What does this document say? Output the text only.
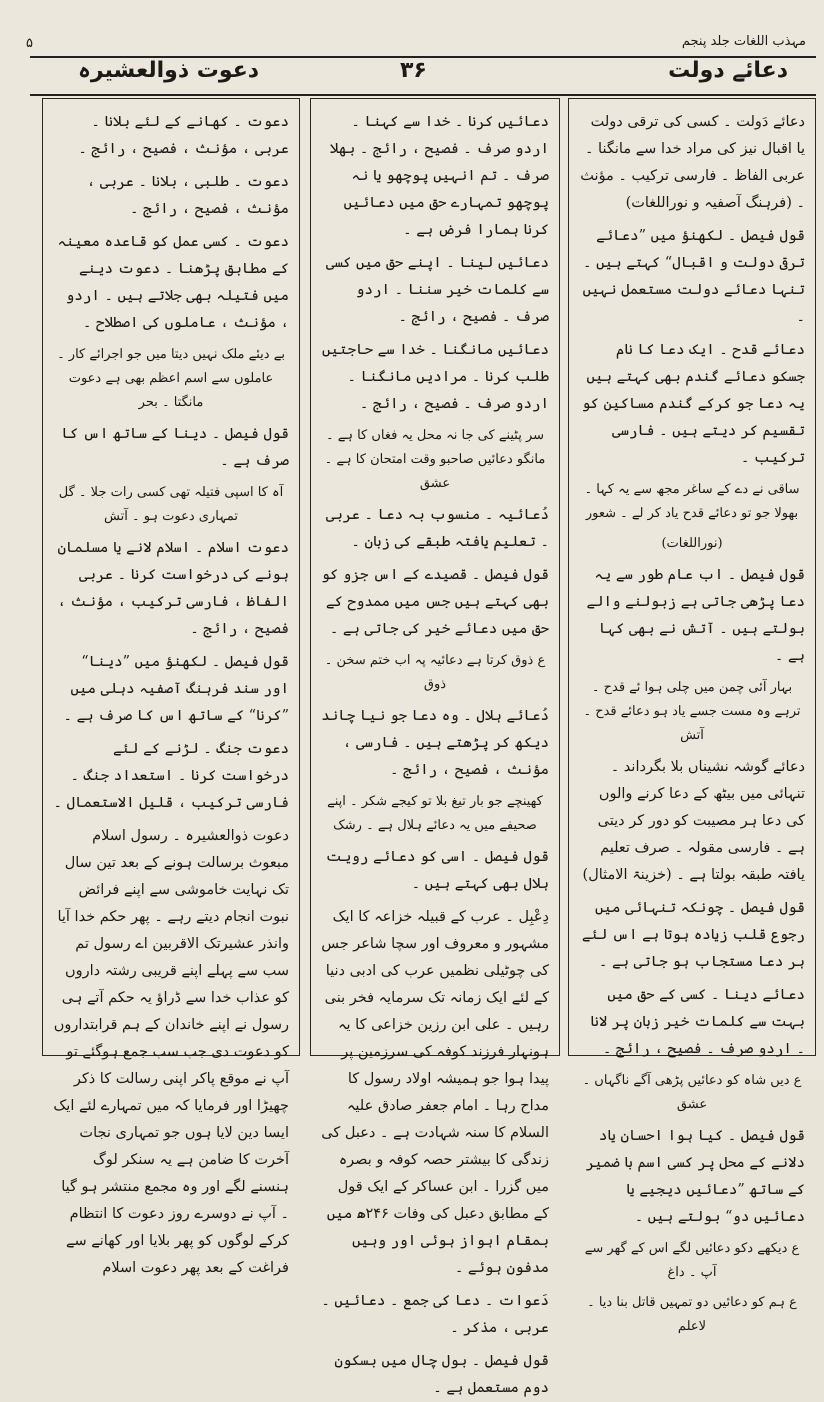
۵	مہذب اللغات جلد پنجم
دعوت ذوالعشیرہ	۳۶	دعائے دولت

دعائے دَولت ۔ کسی کی ترقی دولت یا اقبال نیز کی مراد خدا سے مانگنا ۔ عربی الفاظ ۔ فارسی ترکیب ۔ مؤنث ۔ (فرہنگ آصفیہ و نوراللغات)

قول فیصل ۔ لکھنؤ میں ”دعائے ترقی دولت و اقبال“ کہتے ہیں ۔ تنہا دعائے دولت مستعمل نہیں ۔

دعائے قدح ۔ ایک دعا کا نام جسکو دعائے گندم بھی کہتے ہیں یہ دعا جو کرکے گندم مساکین کو تقسیم کر دیتے ہیں ۔ فارسی ترکیب ۔

ساقی نے دے کے ساغر مجھ سے یہ کہا ۔ بھولا جو تو دعائے قدح یاد کر لے ۔ شعور

(نوراللغات)

قول فیصل ۔ اب عام طور سے یہ دعا پڑھی جاتی ہے زبولنے والے بولتے ہیں ۔ آتش نے بھی کہا ہے ۔

بہار آئی چمن میں چلی ہوا ئے قدح ۔ ترہے وہ مست جسے یاد ہو دعائے قدح ۔ آتش

دعائے گوشہ نشیناں بلا بگرداند ۔ تنہائی میں بیٹھ کے دعا کرنے والوں کی دعا ہر مصیبت کو دور کر دیتی ہے ۔ فارسی مقولہ ۔ صرف تعلیم یافتہ طبقہ بولتا ہے ۔ (خزینۃ الامثال)

قول فیصل ۔ چونکہ تنہائی میں رجوع قلب زیادہ ہوتا ہے اس لئے ہر دعا مستجاب ہو جاتی ہے ۔

دعائے دینا ۔ کسی کے حق میں بہت سے کلمات خیر زبان پر لانا ۔ اردو صرف ۔ فصیح ، رائج ۔

ع دیں شاہ کو دعائیں پڑھی آگے ناگہاں ۔ عشق

قول فیصل ۔ کیا ہوا احسان یاد دلانے کے محل پر کسی اسم با ضمیر کے ساتھ ”دعائیں دیجیے یا دعائیں دو“ بولتے ہیں ۔

ع دیکھے دکو دعائیں لگے اس کے گھر سے آپ ۔ داغ

ع ہم کو دعائیں دو تمہیں قاتل بنا دیا ۔ لاعلم

دعائیں کرنا ۔ خدا سے کہنا ۔ اردو صرف ۔ فصیح ، رائج ۔ بھلا صرف ۔ تم انہیں پوچھو یا نہ پوچھو تمہارے حق میں دعائیں کرنا ہمارا فرض ہے ۔

دعائیں لینا ۔ اپنے حق میں کسی سے کلمات خیر سننا ۔ اردو صرف ۔ فصیح ، رائج ۔

دعائیں مانگنا ۔ خدا سے حاجتیں طلب کرنا ۔ مرادیں مانگنا ۔ اردو صرف ۔ فصیح ، رائج ۔

سر پٹینے کی جا نہ محل یہ فغاں کا ہے ۔ مانگو دعائیں صاحبو وقت امتحان کا ہے ۔ عشق

دُعائیہ ۔ منسوب بہ دعا ۔ عربی ۔ تعلیم یافتہ طبقے کی زبان ۔

قول فیصل ۔ قصیدے کے اس جزو کو بھی کہتے ہیں جس میں ممدوح کے حق میں دعائے خیر کی جاتی ہے ۔

ع ذوق کرتا ہے دعائیہ پہ اب ختم سخن ۔ ذوق

دُعائے ہلال ۔ وہ دعا جو نیا چاند دیکھ کر پڑھتے ہیں ۔ فارسی ، مؤنث ، فصیح ، رائج ۔

کھینچے جو بار تیغ بلا تو کیجے شکر ۔ اپنے صحیفے میں یہ دعائے ہلال ہے ۔ رشک

قول فیصل ۔ اسی کو دعائے رویت ہلال بھی کہتے ہیں ۔

دِعْبِل ۔ عرب کے قبیلہ خزاعہ کا ایک مشہور و معروف اور سچا شاعر جس کی چوٹیلی نظمیں عرب کی ادبی دنیا کے لئے ایک زمانہ تک سرمایہ فخر بنی رہیں ۔ علی ابن رزین خزاعی کا یہ ہونہار فرزند کوفہ کی سرزمین پر پیدا ہوا جو ہمیشہ اولاد رسول کا مداح رہا ۔ امام جعفر صادق علیہ السلام کا سنہ شہادت ہے ۔ دعبل کی زندگی کا بیشتر حصہ کوفہ و بصرہ میں گزرا ۔ ابن عساکر کے ایک قول کے مطابق دعبل کی وفات ۲۴۶ھ میں بمقام اہواز ہوئی اور وہیں مدفون ہوئے ۔

دَعوات ۔ دعا کی جمع ۔ دعائیں ۔ عربی ، مذکر ۔

قول فیصل ۔ بول چال میں بسکون دوم مستعمل ہے ۔

دعوت ۔ کھانے کے لئے بلانا ۔ عربی ، مؤنث ، فصیح ، رائج ۔

دعوت ۔ طلبی ، بلانا ۔ عربی ، مؤنث ، فصیح ، رائج ۔

دعوت ۔ کسی عمل کو قاعدہ معینہ کے مطابق پڑھنا ۔ دعوت دینے میں فتیلہ بھی جلاتے ہیں ۔ اردو ، مؤنث ، عاملوں کی اصطلاح ۔

بے دیئے ملک نہیں دیتا میں جو اجرائے کار ۔ عاملوں سے اسم اعظم بھی ہے دعوت مانگتا ۔ بحر

قول فیصل ۔ دینا کے ساتھ اس کا صرف ہے ۔

آہ کا اسپی فتیلہ تھی کسی رات جلا ۔ گل تمہاری دعوت ہو ۔ آتش

دعوت اسلام ۔ اسلام لانے یا مسلمان ہونے کی درخواست کرنا ۔ عربی الفاظ ، فارسی ترکیب ، مؤنث ، فصیح ، رائج ۔

قول فیصل ۔ لکھنؤ میں ”دینا“ اور سند فرہنگ آصفیہ دہلی میں ”کرنا“ کے ساتھ اس کا صرف ہے ۔

دعوت جنگ ۔ لڑنے کے لئے درخواست کرنا ۔ استعداد جنگ ۔ فارسی ترکیب ، قلیل الاستعمال ۔

دعوت ذوالعشیرہ ۔ رسول اسلام مبعوث برسالت ہونے کے بعد تین سال تک نہایت خاموشی سے اپنے فرائض نبوت انجام دیتے رہے ۔ پھر حکم خدا آیا وانذر عشیرتک الاقربین اے رسول تم سب سے پہلے اپنے قریبی رشتہ داروں کو عذاب خدا سے ڈراؤ یہ حکم آتے ہی رسول نے اپنے خاندان کے ہم قرابتداروں کو دعوت دی جب سب جمع ہوگئے تو آپ نے موقع پاکر اپنی رسالت کا ذکر چھیڑا اور فرمایا کہ میں تمہارے لئے ایک ایسا دین لایا ہوں جو تمہاری نجات آخرت کا ضامن ہے یہ سنکر لوگ ہنسنے لگے اور وہ مجمع منتشر ہو گیا ۔ آپ نے دوسرے روز دعوت کا انتظام کرکے لوگوں کو پھر بلایا اور کھانے سے فراغت کے بعد پھر دعوت اسلام
